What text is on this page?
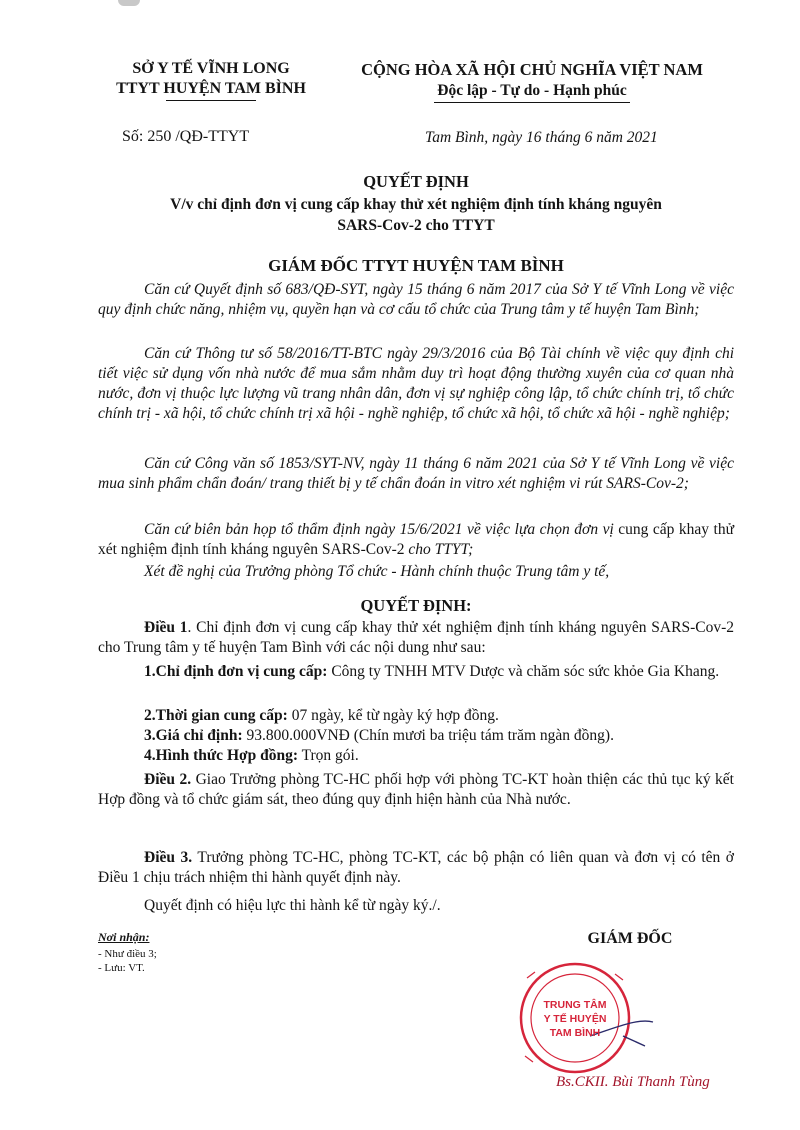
SỞ Y TẾ VĨNH LONG
TTYT HUYỆN TAM BÌNH
CỘNG HÒA XÃ HỘI CHỦ NGHĨA VIỆT NAM
Độc lập - Tự do - Hạnh phúc
Số: 250 /QĐ-TTYT	Tam Bình, ngày 16 tháng 6 năm 2021
QUYẾT ĐỊNH
V/v chỉ định đơn vị cung cấp khay thử xét nghiệm định tính kháng nguyên
SARS-Cov-2 cho TTYT
GIÁM ĐỐC TTYT HUYỆN TAM BÌNH
Căn cứ Quyết định số 683/QĐ-SYT, ngày 15 tháng 6 năm 2017 của Sở Y tế Vĩnh Long về việc quy định chức năng, nhiệm vụ, quyền hạn và cơ cấu tổ chức của Trung tâm y tế huyện Tam Bình;
Căn cứ Thông tư số 58/2016/TT-BTC ngày 29/3/2016 của Bộ Tài chính về việc quy định chi tiết việc sử dụng vốn nhà nước để mua sắm nhằm duy trì hoạt động thường xuyên của cơ quan nhà nước, đơn vị thuộc lực lượng vũ trang nhân dân, đơn vị sự nghiệp công lập, tổ chức chính trị, tổ chức chính trị - xã hội, tổ chức chính trị xã hội - nghề nghiệp, tổ chức xã hội, tổ chức xã hội - nghề nghiệp;
Căn cứ Công văn số 1853/SYT-NV, ngày 11 tháng 6 năm 2021 của Sở Y tế Vĩnh Long về việc mua sinh phẩm chẩn đoán/ trang thiết bị y tế chẩn đoán in vitro xét nghiệm vi rút SARS-Cov-2;
Căn cứ biên bản họp tổ thẩm định ngày 15/6/2021 về việc lựa chọn đơn vị cung cấp khay thử xét nghiệm định tính kháng nguyên SARS-Cov-2 cho TTYT;
Xét đề nghị của Trưởng phòng Tổ chức - Hành chính thuộc Trung tâm y tế,
QUYẾT ĐỊNH:
Điều 1. Chỉ định đơn vị cung cấp khay thử xét nghiệm định tính kháng nguyên SARS-Cov-2 cho Trung tâm y tế huyện Tam Bình với các nội dung như sau:
1.Chỉ định đơn vị cung cấp: Công ty TNHH MTV Dược và chăm sóc sức khỏe Gia Khang.
2.Thời gian cung cấp: 07 ngày, kể từ ngày ký hợp đồng.
3.Giá chỉ định: 93.800.000VNĐ (Chín mươi ba triệu tám trăm ngàn đồng).
4.Hình thức Hợp đồng: Trọn gói.
Điều 2. Giao Trưởng phòng TC-HC phối hợp với phòng TC-KT hoàn thiện các thủ tục ký kết Hợp đồng và tổ chức giám sát, theo đúng quy định hiện hành của Nhà nước.
Điều 3. Trưởng phòng TC-HC, phòng TC-KT, các bộ phận có liên quan và đơn vị có tên ở Điều 1 chịu trách nhiệm thi hành quyết định này.
Quyết định có hiệu lực thi hành kể từ ngày ký./.
Nơi nhận:
- Như điều 3;
- Lưu: VT.
GIÁM ĐỐC
TRUNG TÂM
Y TẾ HUYỆN
TAM BÌNH
Bs.CKII. Bùi Thanh Tùng
